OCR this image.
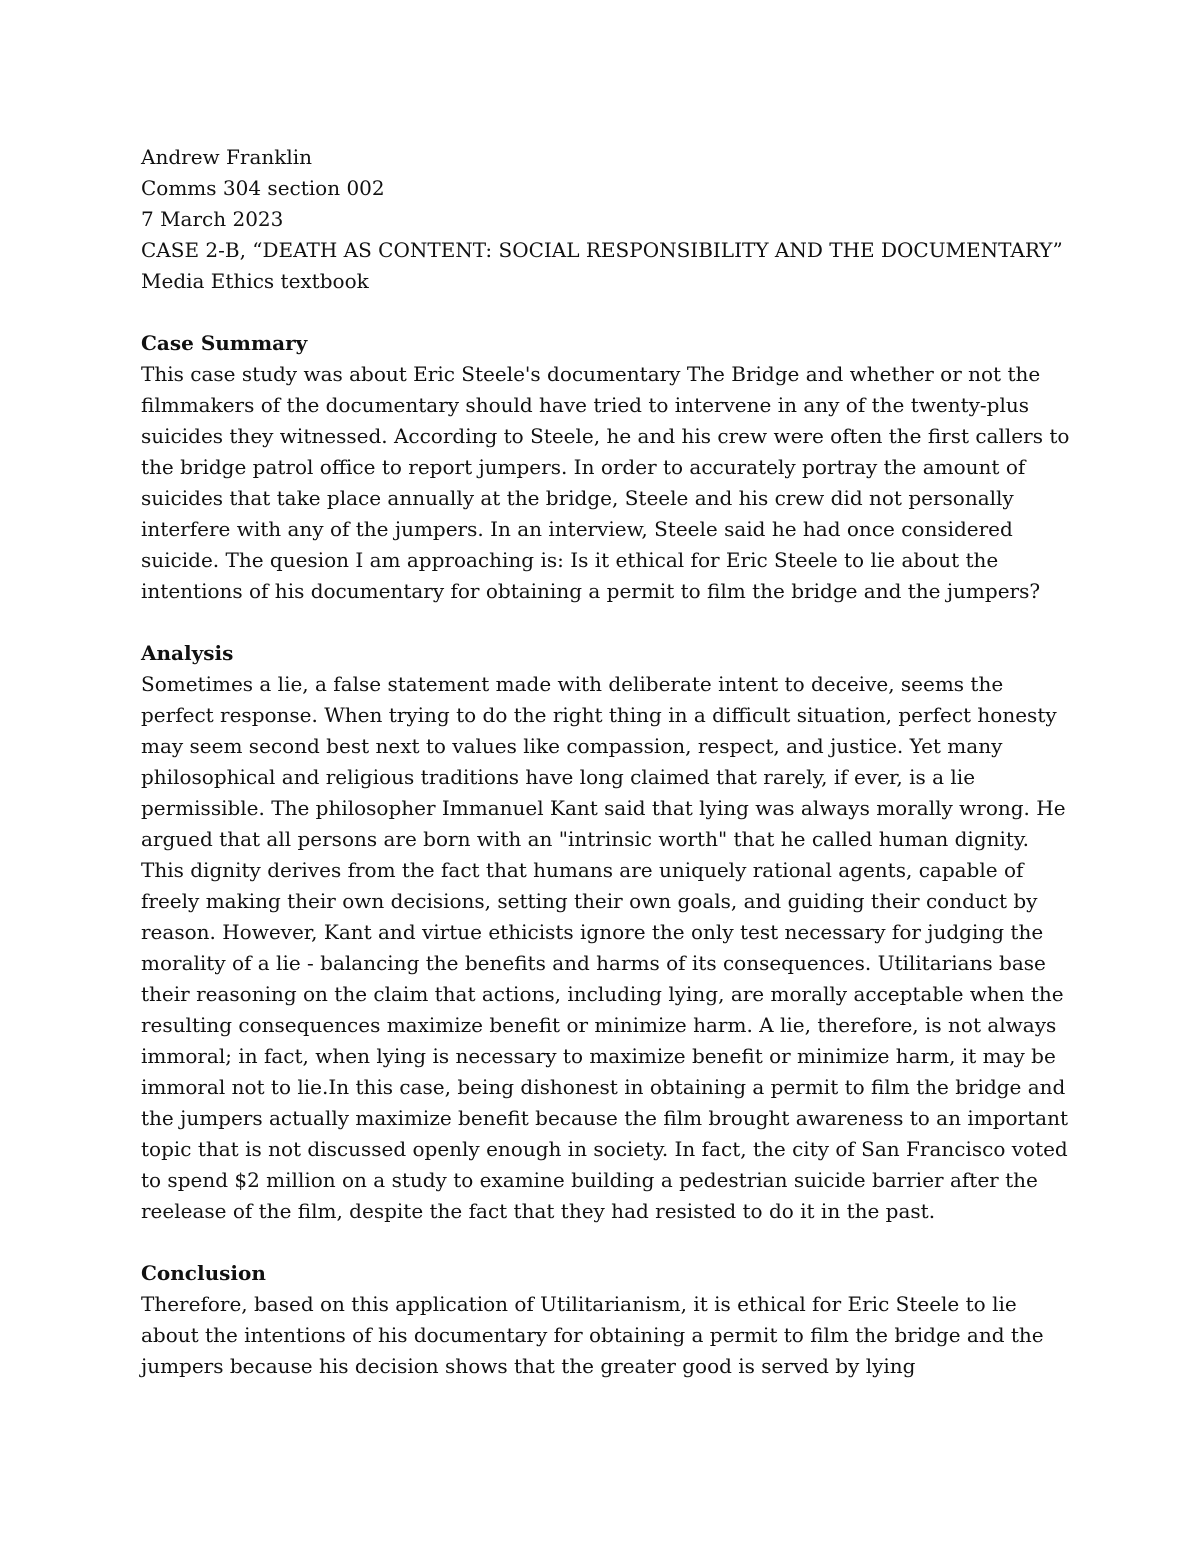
Andrew Franklin
Comms 304 section 002
7 March 2023
CASE 2-B, “DEATH AS CONTENT: SOCIAL RESPONSIBILITY AND THE DOCUMENTARY” Media Ethics textbook

Case Summary

This case study was about Eric Steele's documentary The Bridge and whether or not the filmmakers of the documentary should have tried to intervene in any of the twenty-plus suicides they witnessed. According to Steele, he and his crew were often the first callers to the bridge patrol office to report jumpers. In order to accurately portray the amount of suicides that take place annually at the bridge, Steele and his crew did not personally interfere with any of the jumpers. In an interview, Steele said he had once considered suicide. The quesion I am approaching is: Is it ethical for Eric Steele to lie about the intentions of his documentary for obtaining a permit to film the bridge and the jumpers?

Analysis

Sometimes a lie, a false statement made with deliberate intent to deceive, seems the perfect response. When trying to do the right thing in a difficult situation, perfect honesty may seem second best next to values like compassion, respect, and justice. Yet many philosophical and religious traditions have long claimed that rarely, if ever, is a lie permissible. The philosopher Immanuel Kant said that lying was always morally wrong. He argued that all persons are born with an "intrinsic worth" that he called human dignity. This dignity derives from the fact that humans are uniquely rational agents, capable of freely making their own decisions, setting their own goals, and guiding their conduct by reason. However, Kant and virtue ethicists ignore the only test necessary for judging the morality of a lie - balancing the benefits and harms of its consequences. Utilitarians base their reasoning on the claim that actions, including lying, are morally acceptable when the resulting consequences maximize benefit or minimize harm. A lie, therefore, is not always immoral; in fact, when lying is necessary to maximize benefit or minimize harm, it may be immoral not to lie.In this case, being dishonest in obtaining a permit to film the bridge and the jumpers actually maximize benefit because the film brought awareness to an important topic that is not discussed openly enough in society. In fact, the city of San Francisco voted to spend $2 million on a study to examine building a pedestrian suicide barrier after the reelease of the film, despite the fact that they had resisted to do it in the past.

Conclusion

Therefore, based on this application of Utilitarianism, it is ethical for Eric Steele to lie about the intentions of his documentary for obtaining a permit to film the bridge and the jumpers because his decision shows that the greater good is served by lying
